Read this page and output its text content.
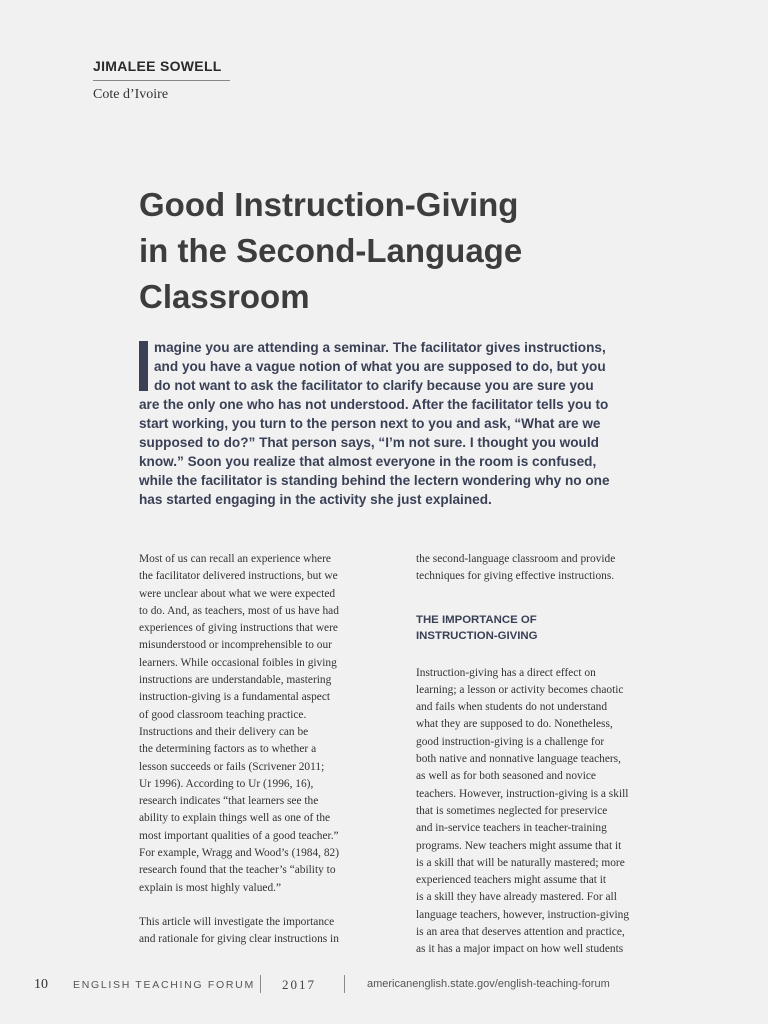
JIMALEE SOWELL
Cote d’Ivoire
Good Instruction-Giving
in the Second-Language
Classroom
magine you are attending a seminar. The facilitator gives instructions,
and you have a vague notion of what you are supposed to do, but you
do not want to ask the facilitator to clarify because you are sure you
are the only one who has not understood. After the facilitator tells you to
start working, you turn to the person next to you and ask, “What are we
supposed to do?” That person says, “I’m not sure. I thought you would
know.” Soon you realize that almost everyone in the room is confused,
while the facilitator is standing behind the lectern wondering why no one
has started engaging in the activity she just explained.
Most of us can recall an experience where
the facilitator delivered instructions, but we
were unclear about what we were expected
to do. And, as teachers, most of us have had
experiences of giving instructions that were
misunderstood or incomprehensible to our
learners. While occasional foibles in giving
instructions are understandable, mastering
instruction-giving is a fundamental aspect
of good classroom teaching practice.
Instructions and their delivery can be
the determining factors as to whether a
lesson succeeds or fails (Scrivener 2011;
Ur 1996). According to Ur (1996, 16),
research indicates “that learners see the
ability to explain things well as one of the
most important qualities of a good teacher.”
For example, Wragg and Wood’s (1984, 82)
research found that the teacher’s “ability to
explain is most highly valued.”
This article will investigate the importance
and rationale for giving clear instructions in
the second-language classroom and provide
techniques for giving effective instructions.
THE IMPORTANCE OF
INSTRUCTION-GIVING
Instruction-giving has a direct effect on
learning; a lesson or activity becomes chaotic
and fails when students do not understand
what they are supposed to do. Nonetheless,
good instruction-giving is a challenge for
both native and nonnative language teachers,
as well as for both seasoned and novice
teachers. However, instruction-giving is a skill
that is sometimes neglected for preservice
and in-service teachers in teacher-training
programs. New teachers might assume that it
is a skill that will be naturally mastered; more
experienced teachers might assume that it
is a skill they have already mastered. For all
language teachers, however, instruction-giving
is an area that deserves attention and practice,
as it has a major impact on how well students
10 ENGLISH TEACHING FORUM 2017	americanenglish.state.gov/english-teaching-forum
